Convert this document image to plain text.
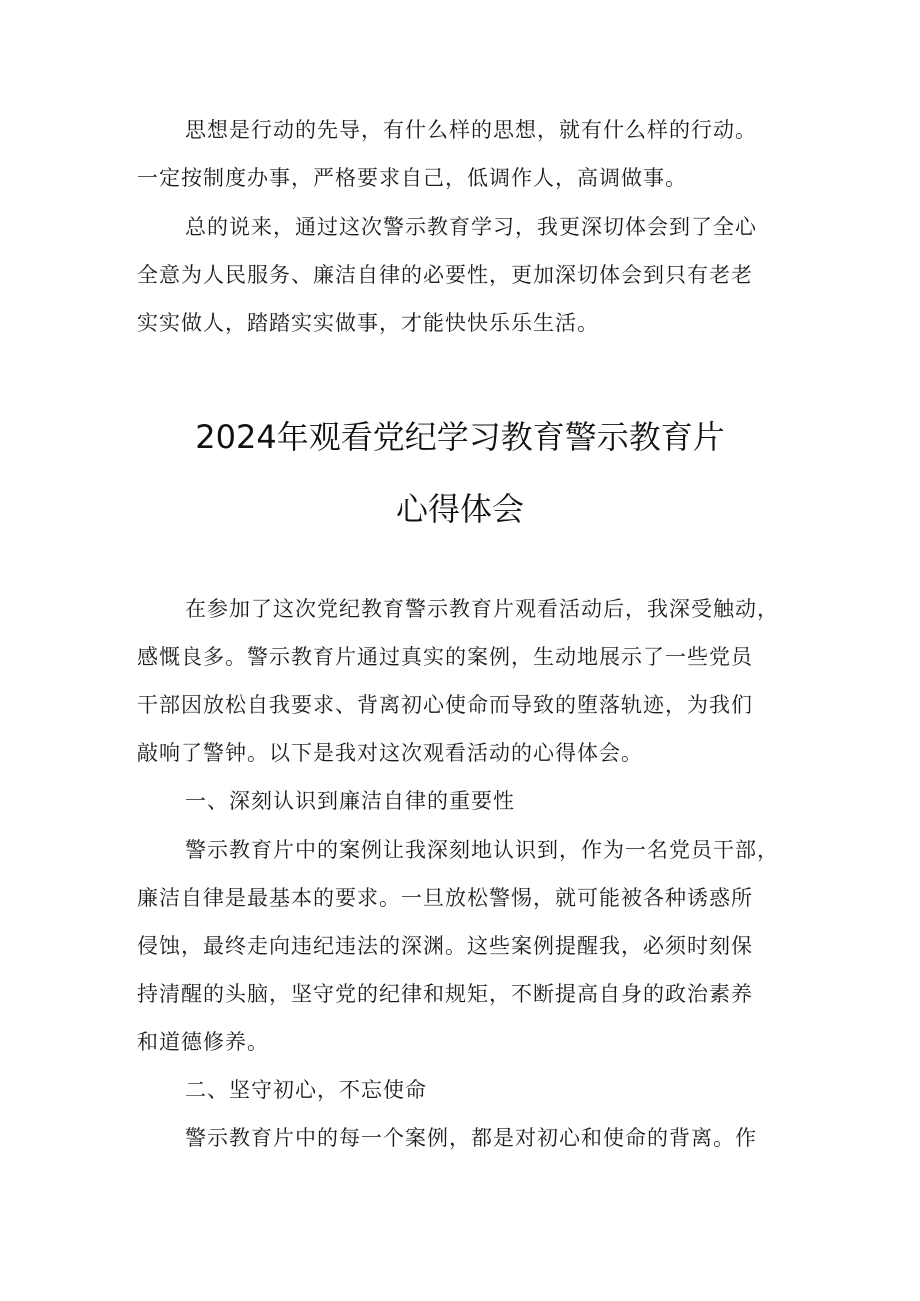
思想是行动的先导，有什么样的思想，就有什么样的行动。
一定按制度办事，严格要求自己，低调作人，高调做事。
总的说来，通过这次警示教育学习，我更深切体会到了全心
全意为人民服务、廉洁自律的必要性，更加深切体会到只有老老
实实做人，踏踏实实做事，才能快快乐乐生活。
2024年观看党纪学习教育警示教育片
心得体会
在参加了这次党纪教育警示教育片观看活动后，我深受触动，
感慨良多。警示教育片通过真实的案例，生动地展示了一些党员
干部因放松自我要求、背离初心使命而导致的堕落轨迹，为我们
敲响了警钟。以下是我对这次观看活动的心得体会。
一、深刻认识到廉洁自律的重要性
警示教育片中的案例让我深刻地认识到，作为一名党员干部，
廉洁自律是最基本的要求。一旦放松警惕，就可能被各种诱惑所
侵蚀，最终走向违纪违法的深渊。这些案例提醒我，必须时刻保
持清醒的头脑，坚守党的纪律和规矩，不断提高自身的政治素养
和道德修养。
二、坚守初心，不忘使命
警示教育片中的每一个案例，都是对初心和使命的背离。作
